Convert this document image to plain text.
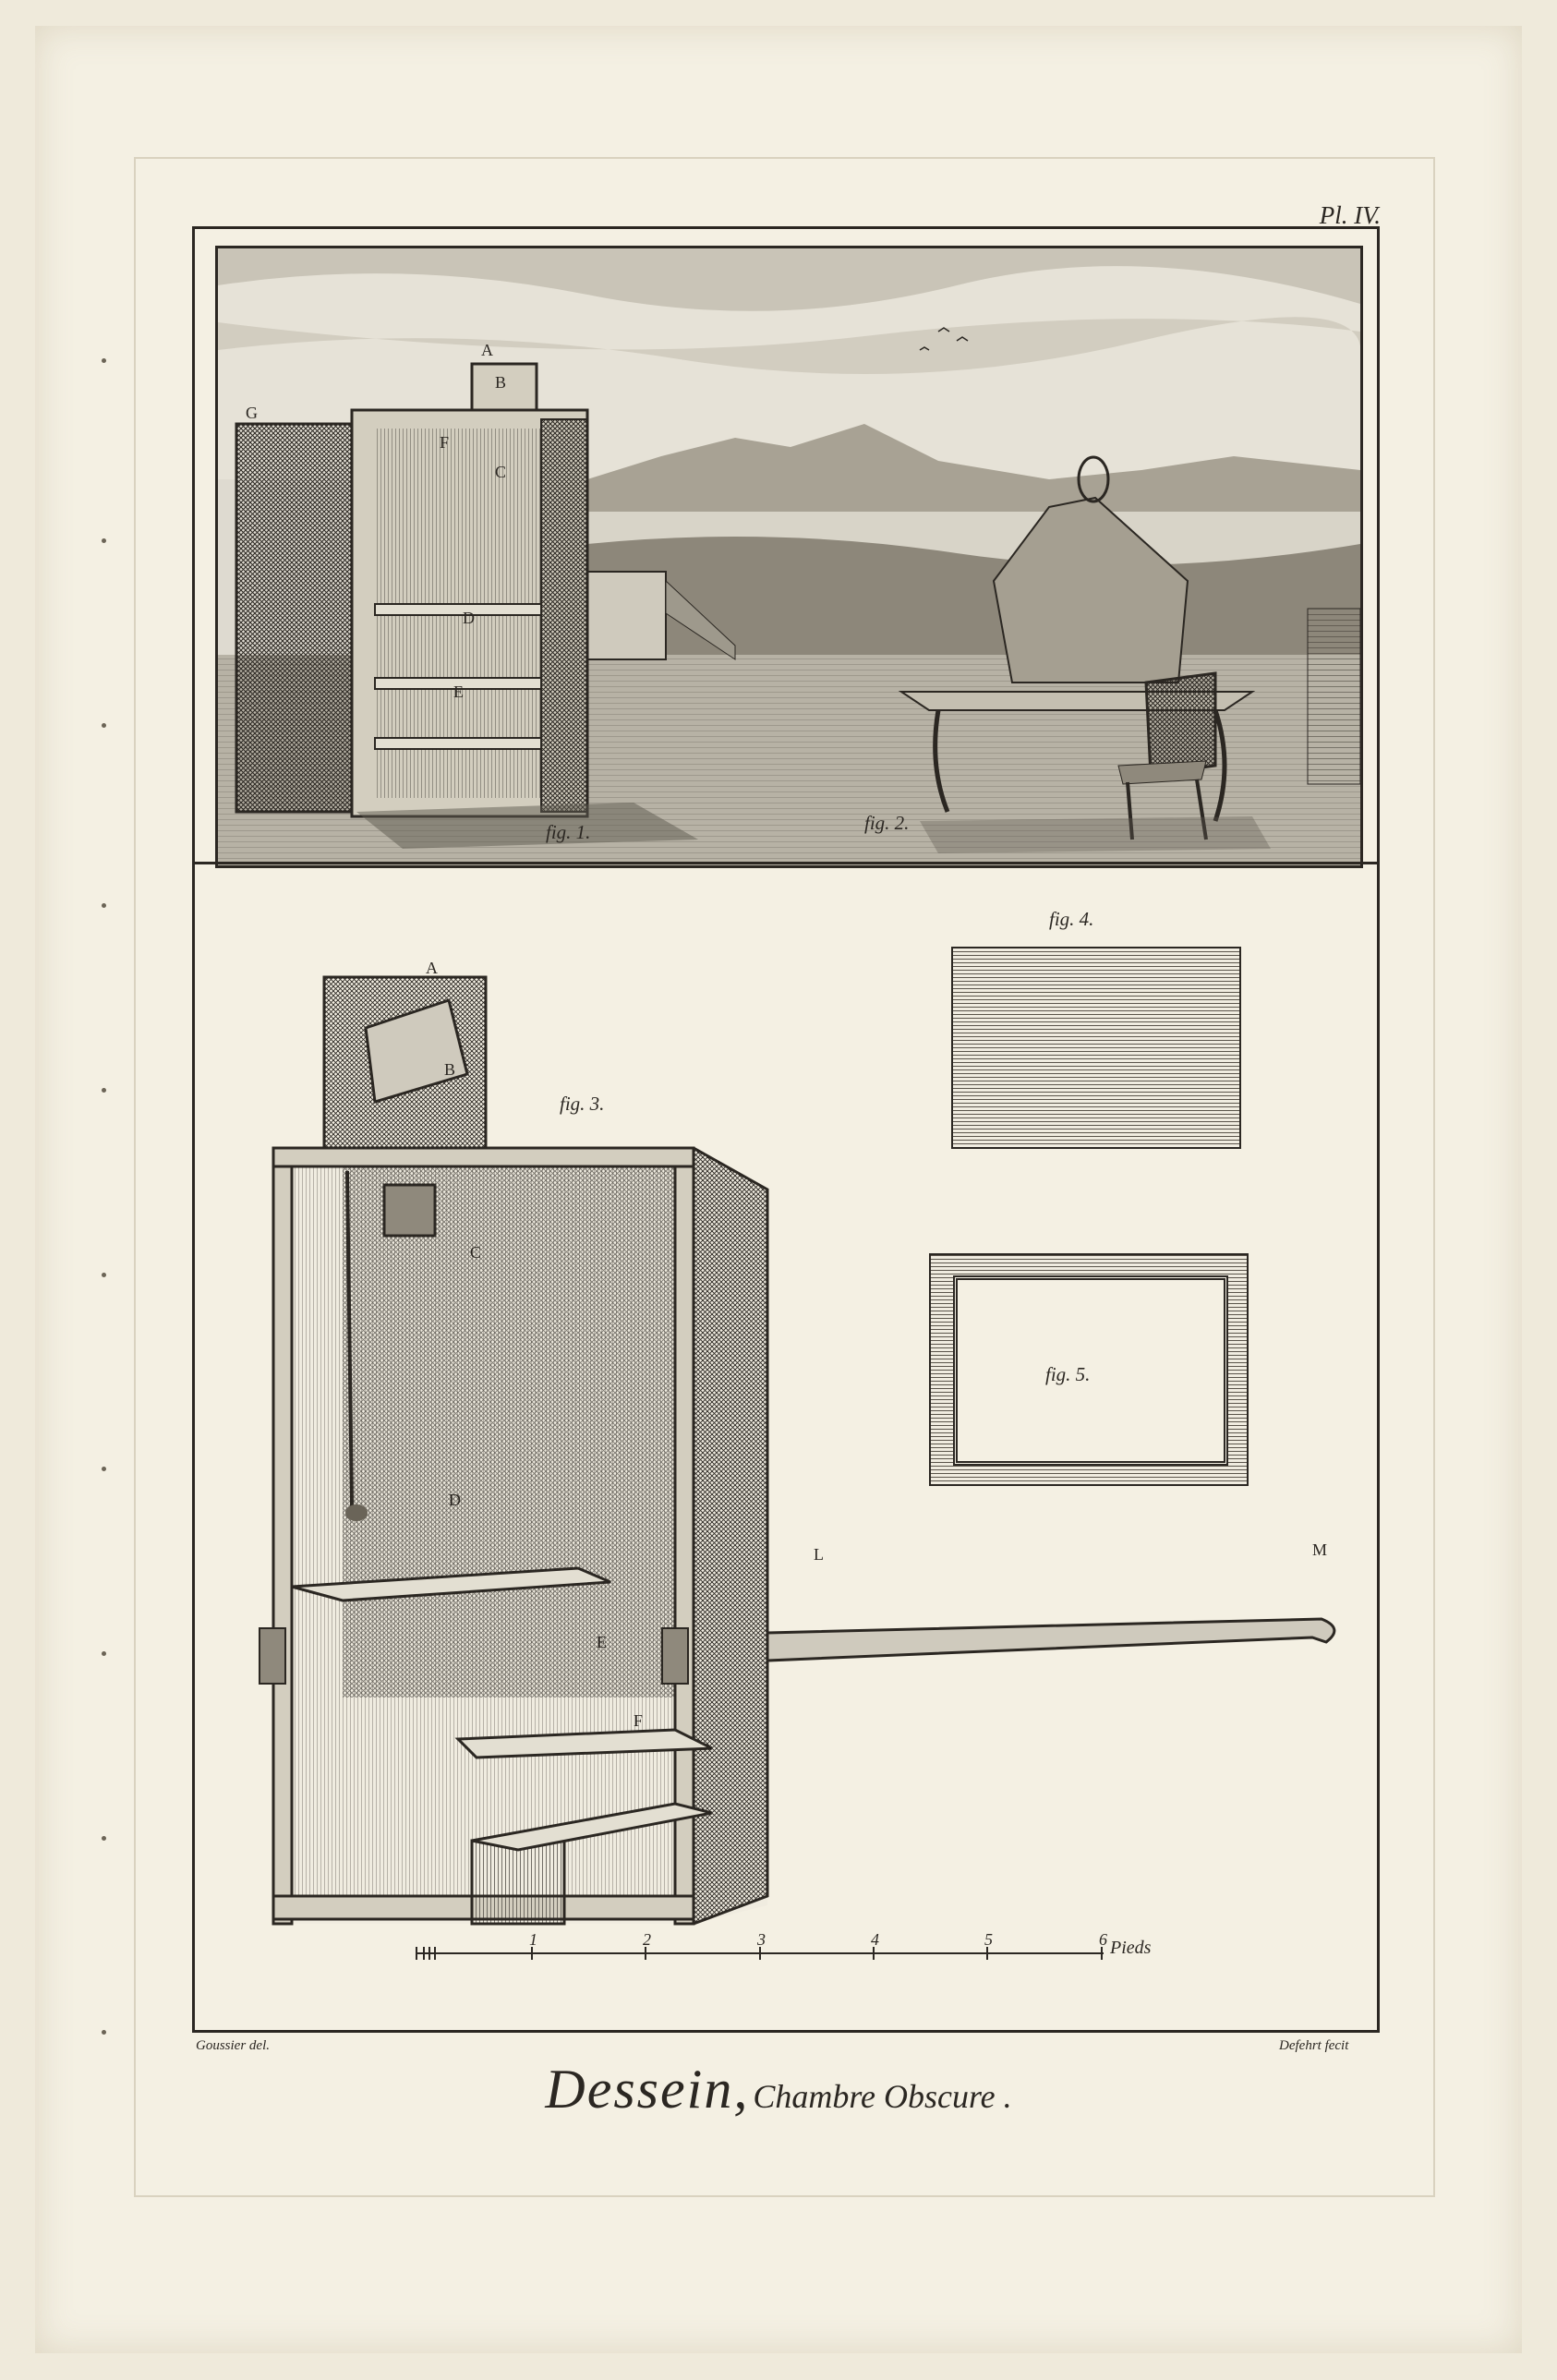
Pl. IV.
A
B
G
F
D
E
C
fig. 1.	fig. 2.
A
B
C
D
E
F
L	M
fig. 3.
fig. 4.
fig. 5.
1	2	3	4	5	6 Pieds
Goussier del.	Defehrt fecit
Dessein, Chambre Obscure .
